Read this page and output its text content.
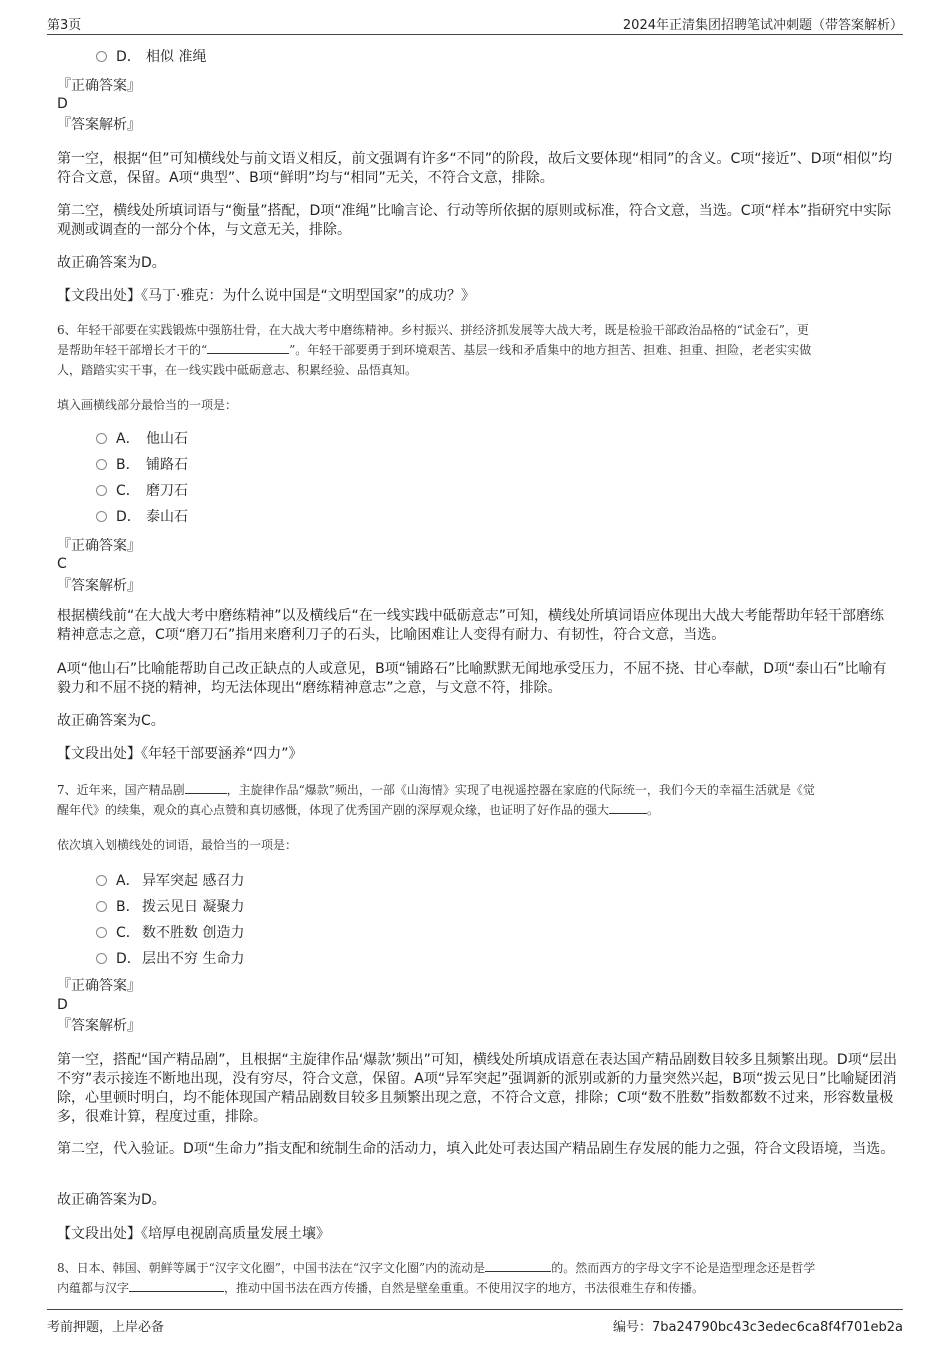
第3页	2024年正清集团招聘笔试冲刺题（带答案解析）
D． 相似 准绳
『正确答案』
D
『答案解析』
第一空，根据“但”可知横线处与前文语义相反，前文强调有许多“不同”的阶段，故后文要体现“相同”的含义。C项“接近”、D项“相似”均符合文意，保留。A项“典型”、B项“鲜明”均与“相同”无关，不符合文意，排除。
第二空，横线处所填词语与“衡量”搭配，D项“准绳”比喻言论、行动等所依据的原则或标准，符合文意，当选。C项“样本”指研究中实际观测或调查的一部分个体，与文意无关，排除。
故正确答案为D。
【文段出处】《马丁·雅克：为什么说中国是“文明型国家”的成功？》
6、年轻干部要在实践锻炼中强筋壮骨，在大战大考中磨练精神。乡村振兴、拼经济抓发展等大战大考，既是检验干部政治品格的“试金石”，更
是帮助年轻干部增长才干的“	”。年轻干部要勇于到环境艰苦、基层一线和矛盾集中的地方担苦、担难、担重、担险，老老实实做
人，踏踏实实干事，在一线实践中砥砺意志、积累经验、品悟真知。
填入画横线部分最恰当的一项是：
A． 他山石
B． 铺路石
C． 磨刀石
D． 泰山石
『正确答案』
C
『答案解析』
根据横线前“在大战大考中磨练精神”以及横线后“在一线实践中砥砺意志”可知，横线处所填词语应体现出大战大考能帮助年轻干部磨练精神意志之意，C项“磨刀石”指用来磨利刀子的石头，比喻困难让人变得有耐力、有韧性，符合文意，当选。
A项“他山石”比喻能帮助自己改正缺点的人或意见，B项“铺路石”比喻默默无闻地承受压力，不屈不挠、甘心奉献，D项“泰山石”比喻有毅力和不屈不挠的精神，均无法体现出“磨练精神意志”之意，与文意不符，排除。
故正确答案为C。
【文段出处】《年轻干部要涵养“四力”》
7、近年来，国产精品剧	，主旋律作品“爆款”频出，一部《山海情》实现了电视遥控器在家庭的代际统一，我们今天的幸福生活就是《觉
醒年代》的续集，观众的真心点赞和真切感慨，体现了优秀国产剧的深厚观众缘，也证明了好作品的强大	。
依次填入划横线处的词语，最恰当的一项是：
A． 异军突起 感召力
B． 拨云见日 凝聚力
C． 数不胜数 创造力
D．层出不穷 生命力
『正确答案』
D
『答案解析』
第一空，搭配“国产精品剧”，且根据“主旋律作品‘爆款’频出”可知，横线处所填成语意在表达国产精品剧数目较多且频繁出现。D项“层出不穷”表示接连不断地出现，没有穷尽，符合文意，保留。A项“异军突起”强调新的派别或新的力量突然兴起，B项“拨云见日”比喻疑团消除，心里顿时明白，均不能体现国产精品剧数目较多且频繁出现之意，不符合文意，排除；C项“数不胜数”指数都数不过来，形容数量极多，很难计算，程度过重，排除。
第二空，代入验证。D项“生命力”指支配和统制生命的活动力，填入此处可表达国产精品剧生存发展的能力之强，符合文段语境，当选。
故正确答案为D。
【文段出处】《培厚电视剧高质量发展土壤》
8、日本、韩国、朝鲜等属于“汉字文化圈”，中国书法在“汉字文化圈”内的流动是	的。然而西方的字母文字不论是造型理念还是哲学
内蕴都与汉字	，推动中国书法在西方传播，自然是壁垒重重。不使用汉字的地方，书法很难生存和传播。
考前押题，上岸必备	编号：7ba24790bc43c3edec6ca8f4f701eb2a
